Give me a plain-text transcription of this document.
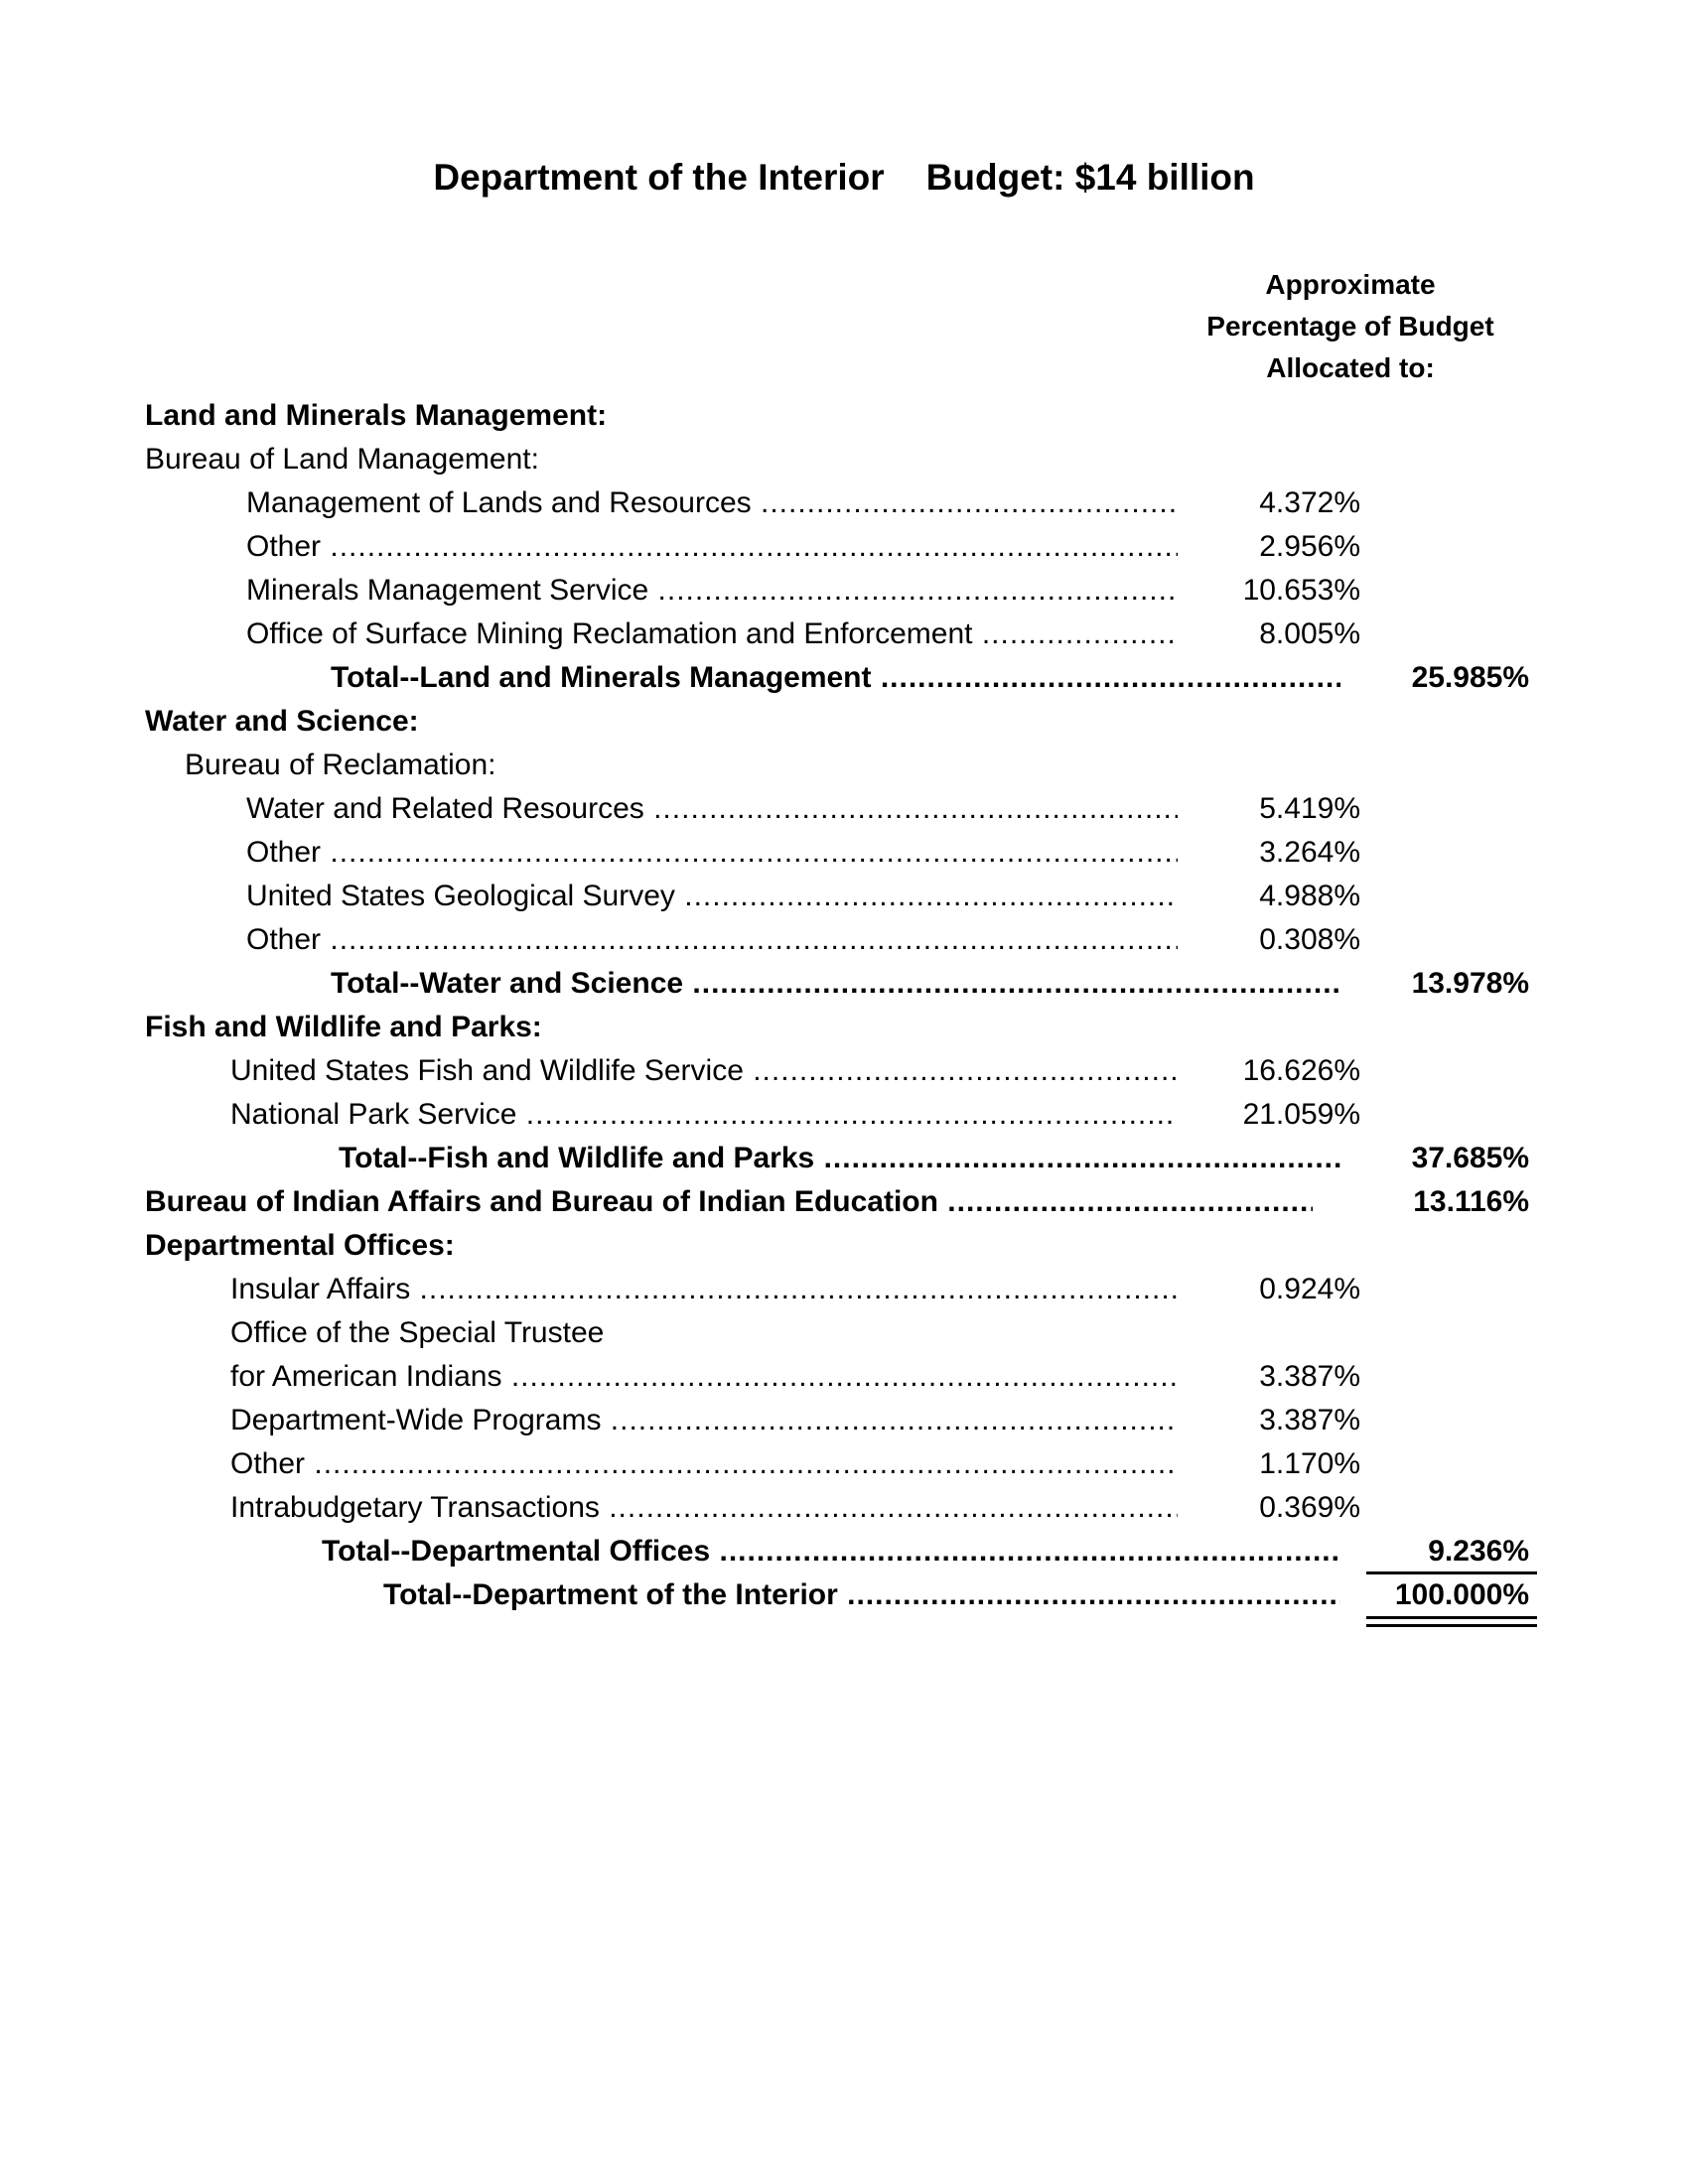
Department of the Interior Budget: $14 billion
Approximate
Percentage of Budget
Allocated to:
Land and Minerals Management:
Bureau of Land Management:
Management of Lands and Resources .....	4.372%
Other .....	2.956%
Minerals Management Service .....	10.653%
Office of Surface Mining Reclamation and Enforcement .....	8.005%
Total--Land and Minerals Management .....	25.985%
Water and Science:
Bureau of Reclamation:
Water and Related Resources .....	5.419%
Other .....	3.264%
United States Geological Survey .....	4.988%
Other .....	0.308%
Total--Water and Science .....	13.978%
Fish and Wildlife and Parks:
United States Fish and Wildlife Service .....	16.626%
National Park Service .....	21.059%
Total--Fish and Wildlife and Parks .....	37.685%
Bureau of Indian Affairs and Bureau of Indian Education .....	13.116%
Departmental Offices:
Insular Affairs .....	0.924%
Office of the Special Trustee
for American Indians .....	3.387%
Department-Wide Programs .....	3.387%
Other .....	1.170%
Intrabudgetary Transactions .....	0.369%
Total--Departmental Offices .....	9.236%
Total--Department of the Interior .....	100.000%
